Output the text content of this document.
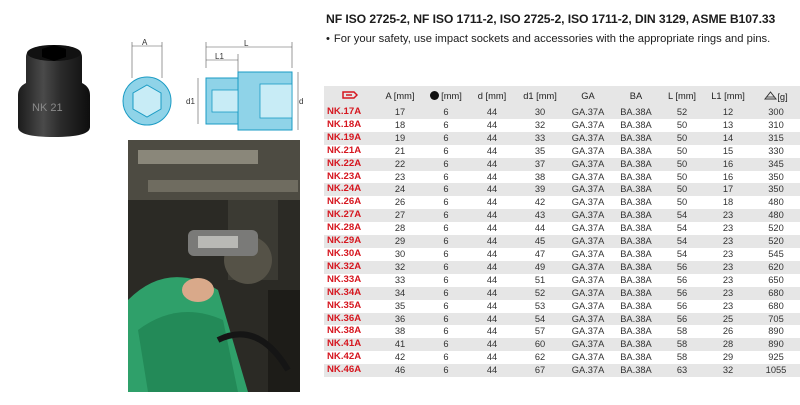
NK 21
A	L
L1
d1	d
NF ISO 2725-2, NF ISO 1711-2, ISO 2725-2, ISO 1711-2, DIN 3129, ASME B107.33
• For your safety, use impact sockets and accessories with the appropriate rings and pins.
	A [mm]	[mm]	d [mm]	d1 [mm]	GA	BA	L [mm]	L1 [mm]	[g]
NK.17A	17	6	44	30	GA.37A	BA.38A	52	12	300
NK.18A	18	6	44	32	GA.37A	BA.38A	50	13	310
NK.19A	19	6	44	33	GA.37A	BA.38A	50	14	315
NK.21A	21	6	44	35	GA.37A	BA.38A	50	15	330
NK.22A	22	6	44	37	GA.37A	BA.38A	50	16	345
NK.23A	23	6	44	38	GA.37A	BA.38A	50	16	350
NK.24A	24	6	44	39	GA.37A	BA.38A	50	17	350
NK.26A	26	6	44	42	GA.37A	BA.38A	50	18	480
NK.27A	27	6	44	43	GA.37A	BA.38A	54	23	480
NK.28A	28	6	44	44	GA.37A	BA.38A	54	23	520
NK.29A	29	6	44	45	GA.37A	BA.38A	54	23	520
NK.30A	30	6	44	47	GA.37A	BA.38A	54	23	545
NK.32A	32	6	44	49	GA.37A	BA.38A	56	23	620
NK.33A	33	6	44	51	GA.37A	BA.38A	56	23	650
NK.34A	34	6	44	52	GA.37A	BA.38A	56	23	680
NK.35A	35	6	44	53	GA.37A	BA.38A	56	23	680
NK.36A	36	6	44	54	GA.37A	BA.38A	56	25	705
NK.38A	38	6	44	57	GA.37A	BA.38A	58	26	890
NK.41A	41	6	44	60	GA.37A	BA.38A	58	28	890
NK.42A	42	6	44	62	GA.37A	BA.38A	58	29	925
NK.46A	46	6	44	67	GA.37A	BA.38A	63	32	1055
